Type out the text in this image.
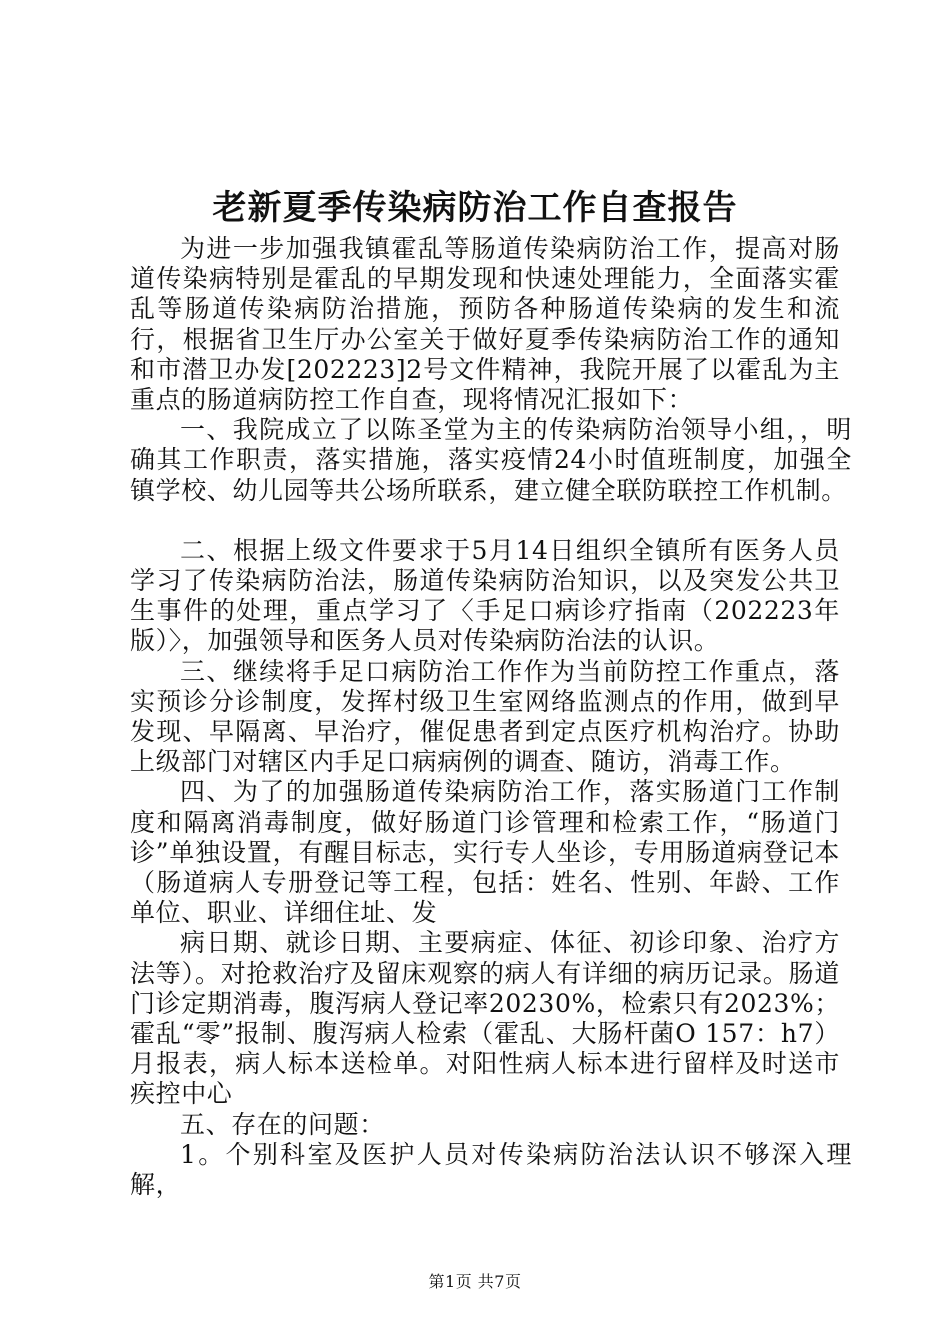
老新夏季传染病防治工作自查报告

为进一步加强我镇霍乱等肠道传染病防治工作，提高对肠道传染病特别是霍乱的早期发现和快速处理能力，全面落实霍乱等肠道传染病防治措施，预防各种肠道传染病的发生和流行，根据省卫生厅办公室关于做好夏季传染病防治工作的通知和市潜卫办发[202223]2号文件精神，我院开展了以霍乱为主重点的肠道病防控工作自查，现将情况汇报如下：

一、我院成立了以陈圣堂为主的传染病防治领导小组，，明确其工作职责，落实措施，落实疫情24小时值班制度，加强全镇学校、幼儿园等共公场所联系，建立健全联防联控工作机制。

二、根据上级文件要求于5月14日组织全镇所有医务人员学习了传染病防治法，肠道传染病防治知识，以及突发公共卫生事件的处理，重点学习了〈手足口病诊疗指南（202223年版）〉，加强领导和医务人员对传染病防治法的认识。

三、继续将手足口病防治工作作为当前防控工作重点，落实预诊分诊制度，发挥村级卫生室网络监测点的作用，做到早发现、早隔离、早治疗，催促患者到定点医疗机构治疗。协助上级部门对辖区内手足口病病例的调查、随访，消毒工作。

四、为了的加强肠道传染病防治工作，落实肠道门工作制度和隔离消毒制度，做好肠道门诊管理和检索工作，“肠道门诊”单独设置，有醒目标志，实行专人坐诊，专用肠道病登记本（肠道病人专册登记等工程，包括：姓名、性别、年龄、工作单位、职业、详细住址、发

病日期、就诊日期、主要病症、体征、初诊印象、治疗方法等）。对抢救治疗及留床观察的病人有详细的病历记录。肠道门诊定期消毒，腹泻病人登记率20230%，检索只有2023%；霍乱“零”报制、腹泻病人检索（霍乱、大肠杆菌O 157：h7）月报表，病人标本送检单。对阳性病人标本进行留样及时送市疾控中心

五、存在的问题：

1。个别科室及医护人员对传染病防治法认识不够深入理解，

第1页 共7页
